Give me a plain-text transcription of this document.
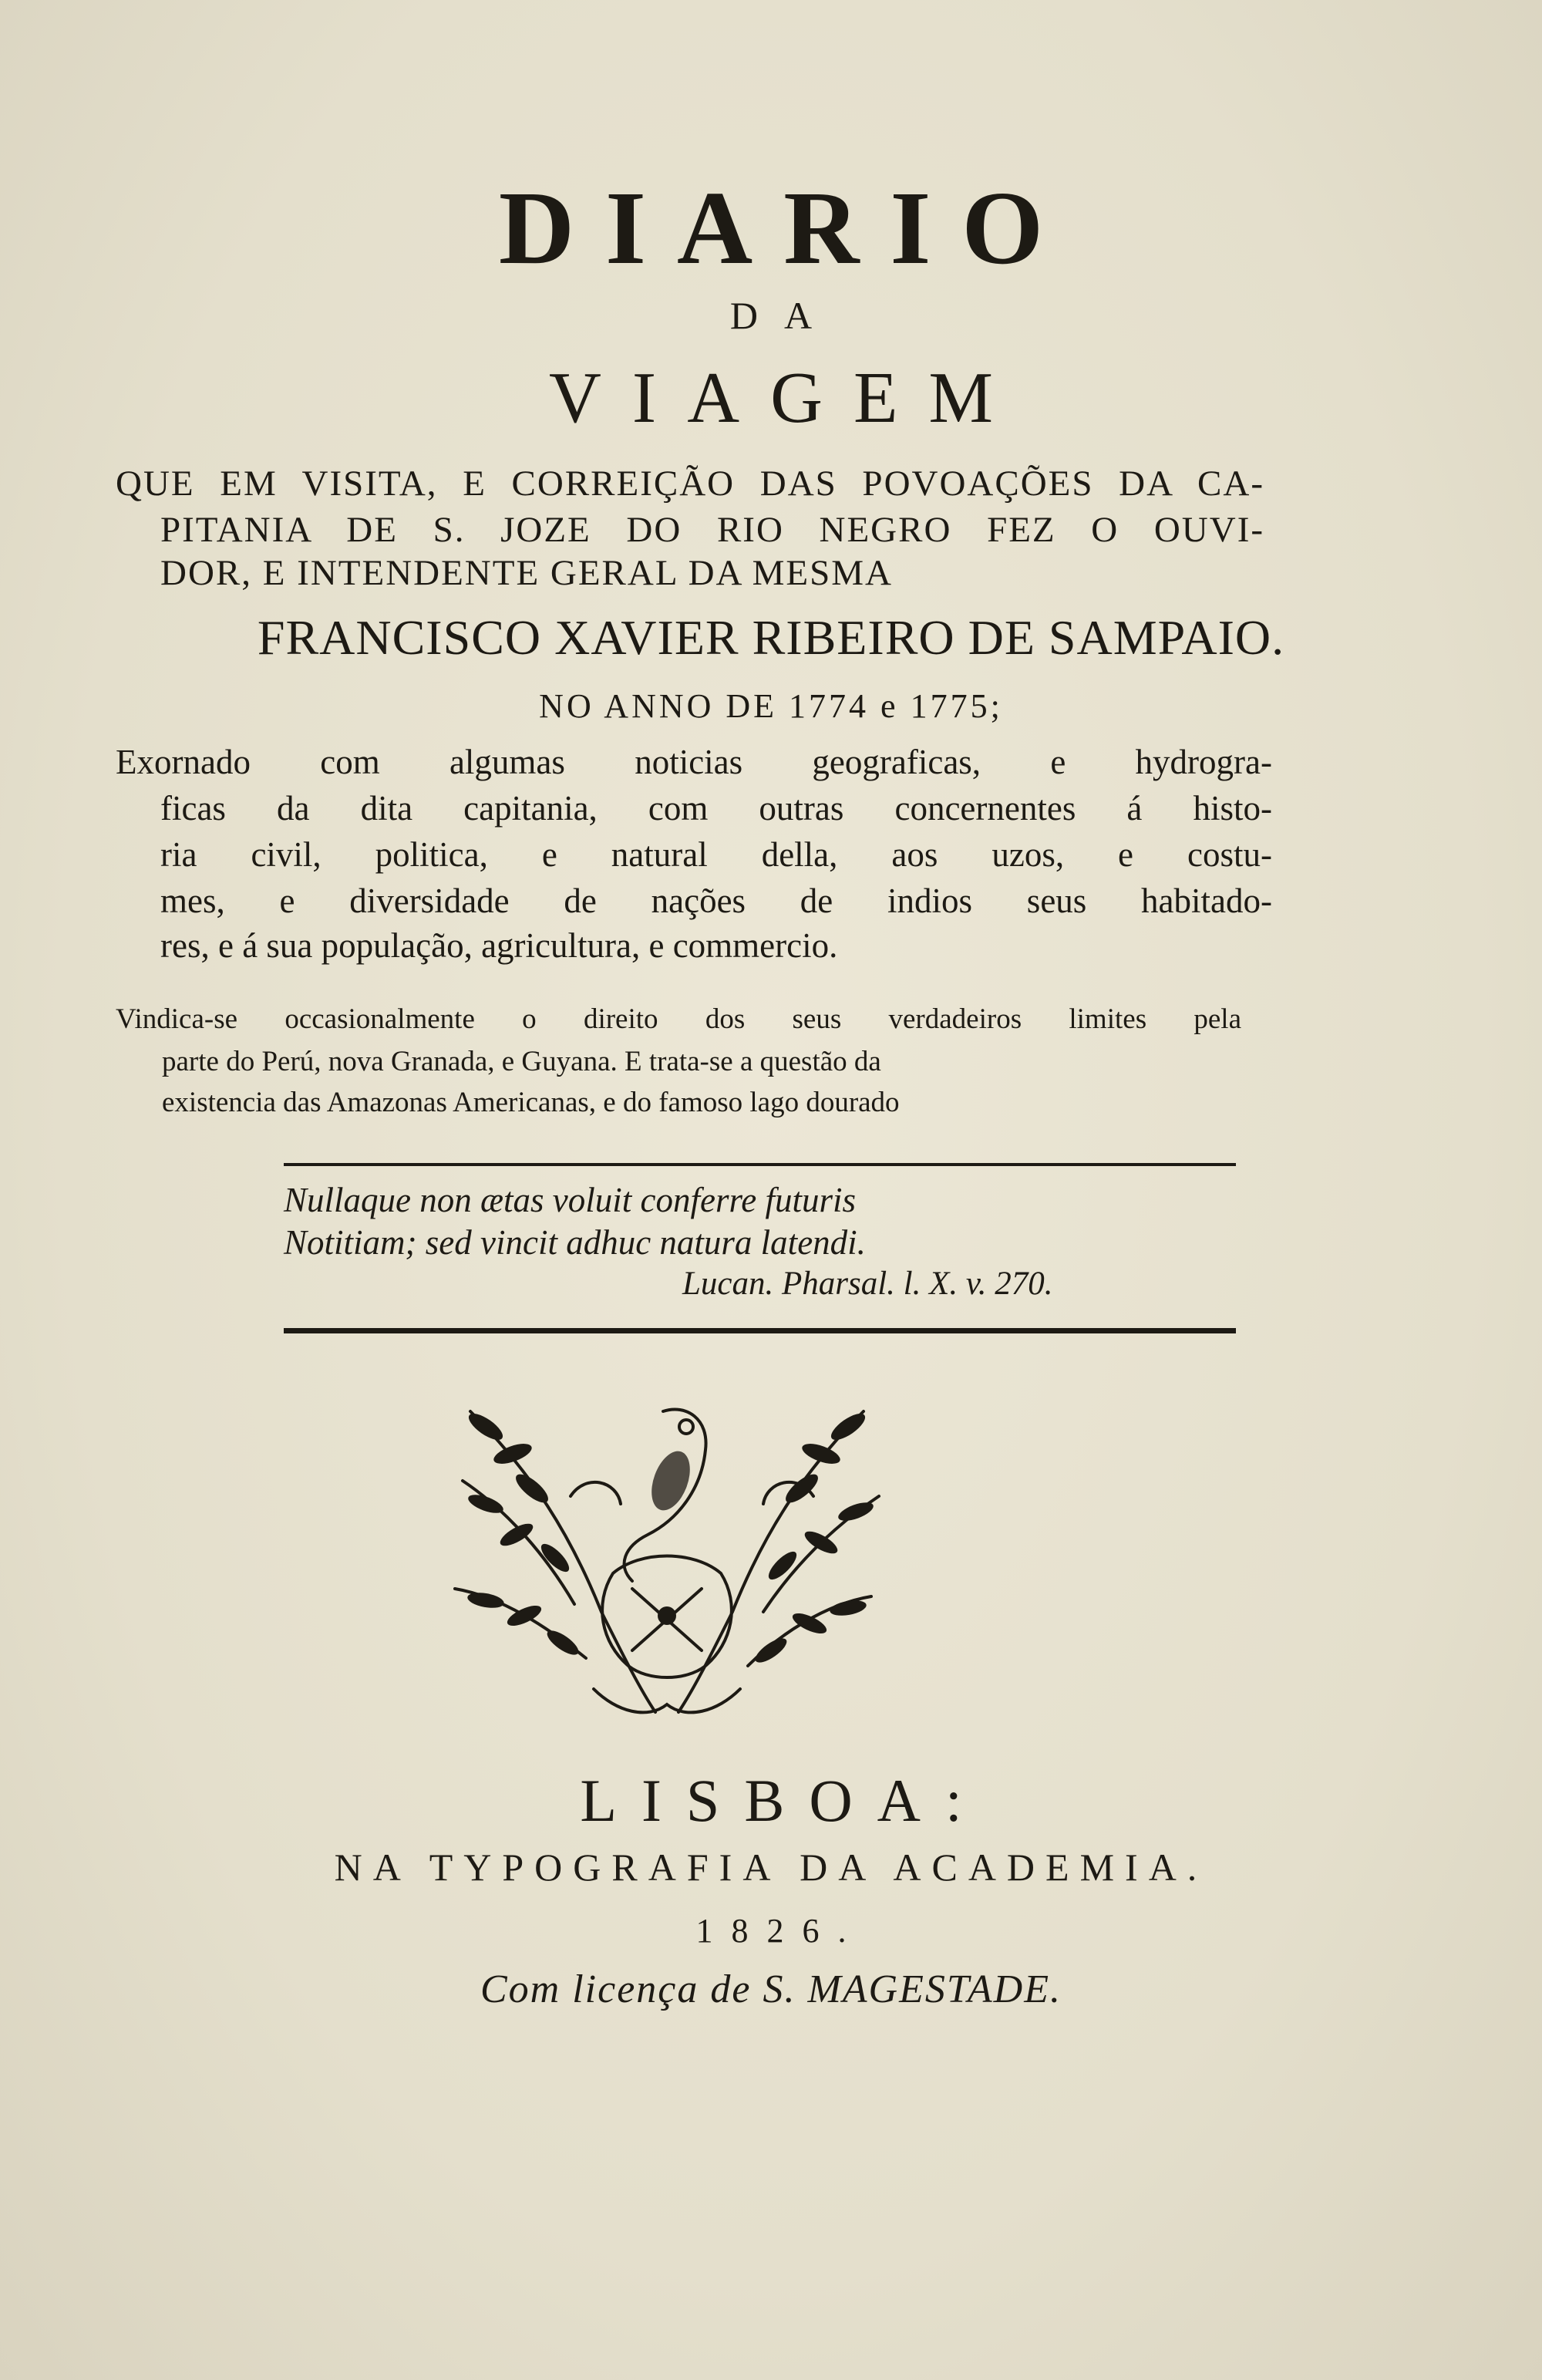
DIARIO
DA
VIAGEM
QUE EM VISITA, E CORREIÇÃO DAS POVOAÇÕES DA CA-
PITANIA DE S. JOZE DO RIO NEGRO FEZ O OUVI-
DOR, E INTENDENTE GERAL DA MESMA
FRANCISCO XAVIER RIBEIRO DE SAMPAIO.
NO ANNO DE 1774 e 1775;
Exornado com algumas noticias geograficas, e hydrogra-
ficas da dita capitania, com outras concernentes á histo-
ria civil, politica, e natural della, aos uzos, e costu-
mes, e diversidade de nações de indios seus habitado-
res, e á sua população, agricultura, e commercio.
Vindica-se occasionalmente o direito dos seus verdadeiros limites pela
parte do Perú, nova Granada, e Guyana. E trata-se a questão da
existencia das Amazonas Americanas, e do famoso lago dourado
Nullaque non ætas voluit conferre futuris
Notitiam; sed vincit adhuc natura latendi.
Lucan. Pharsal. l. X. v. 270.
LISBOA:
NA TYPOGRAFIA DA ACADEMIA.
1826.
Com licença de S. MAGESTADE.
